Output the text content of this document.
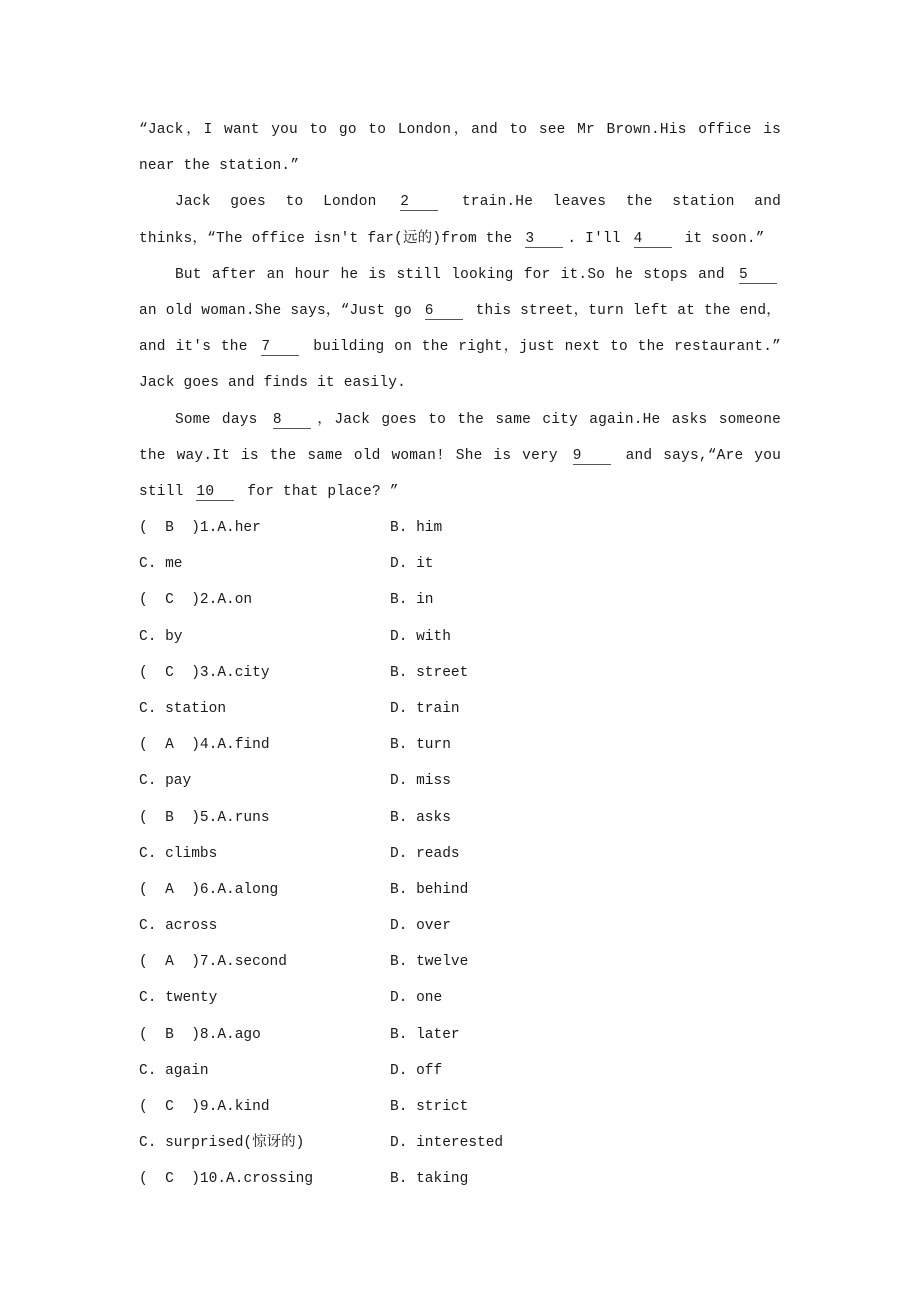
“Jack，I want you to go to London，and to see Mr Brown.His office is near the station.”

Jack goes to London 2 train.He leaves the station and thinks，“The office isn't far(远的)from the 3 . I'll 4 it soon.”

But after an hour he is still looking for it.So he stops and 5 an old woman.She says，“Just go 6 this street，turn left at the end，and it's the 7 building on the right，just next to the restaurant.” Jack goes and finds it easily.

Some days 8 ，Jack goes to the same city again.He asks someone the way.It is the same old woman! She is very 9 and says,“Are you still 10 for that place? ”

(  B  )1.A.her	B. him
C. me	D. it
(  C  )2.A.on	B. in
C. by	D. with
(  C  )3.A.city	B. street
C. station	D. train
(  A  )4.A.find	B. turn
C. pay	D. miss
(  B  )5.A.runs	B. asks
C. climbs	D. reads
(  A  )6.A.along	B. behind
C. across	D. over
(  A  )7.A.second	B. twelve
C. twenty	D. one
(  B  )8.A.ago	B. later
C. again	D. off
(  C  )9.A.kind	B. strict
C. surprised(惊讶的)	D. interested
(  C  )10.A.crossing	B. taking
